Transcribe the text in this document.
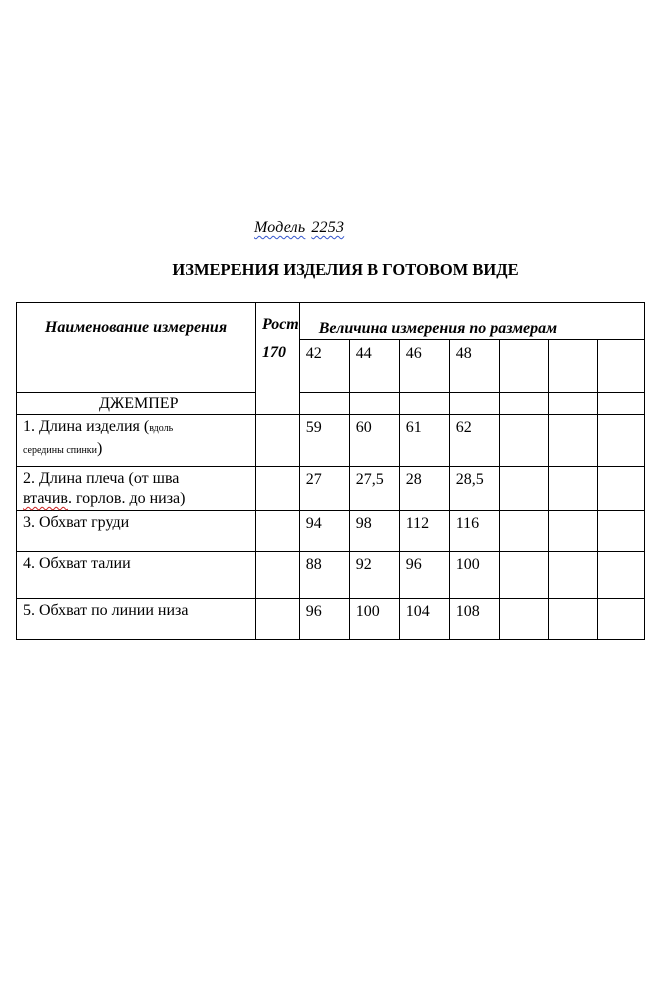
Модель 2253
ИЗМЕРЕНИЯ ИЗДЕЛИЯ В ГОТОВОМ ВИДЕ
Наименование измерения	Рост
170	Величина измерения по размерам						

		42	44	46	48			
ДЖЕМПЕР								
1. Длина изделия (вдоль
середины спинки)		59	60	61	62			
2. Длина плеча (от шва
втачив. горлов. до низа)		27	27,5	28	28,5			
3. Обхват груди		94	98	112	116			
4. Обхват талии		88	92	96	100			
5. Обхват по линии низа		96	100	104	108			
